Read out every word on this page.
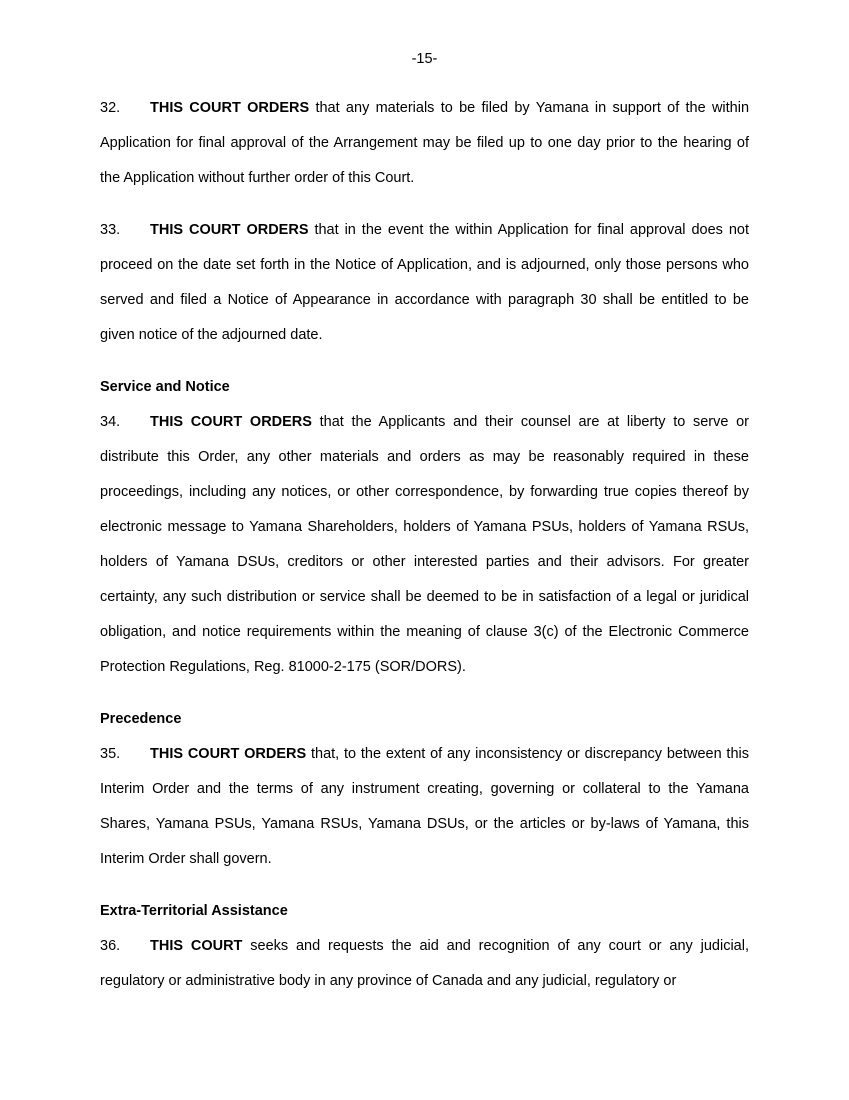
-15-

32. THIS COURT ORDERS that any materials to be filed by Yamana in support of the within Application for final approval of the Arrangement may be filed up to one day prior to the hearing of the Application without further order of this Court.

33. THIS COURT ORDERS that in the event the within Application for final approval does not proceed on the date set forth in the Notice of Application, and is adjourned, only those persons who served and filed a Notice of Appearance in accordance with paragraph 30 shall be entitled to be given notice of the adjourned date.

Service and Notice

34. THIS COURT ORDERS that the Applicants and their counsel are at liberty to serve or distribute this Order, any other materials and orders as may be reasonably required in these proceedings, including any notices, or other correspondence, by forwarding true copies thereof by electronic message to Yamana Shareholders, holders of Yamana PSUs, holders of Yamana RSUs, holders of Yamana DSUs, creditors or other interested parties and their advisors. For greater certainty, any such distribution or service shall be deemed to be in satisfaction of a legal or juridical obligation, and notice requirements within the meaning of clause 3(c) of the Electronic Commerce Protection Regulations, Reg. 81000-2-175 (SOR/DORS).

Precedence

35. THIS COURT ORDERS that, to the extent of any inconsistency or discrepancy between this Interim Order and the terms of any instrument creating, governing or collateral to the Yamana Shares, Yamana PSUs, Yamana RSUs, Yamana DSUs, or the articles or by-laws of Yamana, this Interim Order shall govern.

Extra-Territorial Assistance

36. THIS COURT seeks and requests the aid and recognition of any court or any judicial, regulatory or administrative body in any province of Canada and any judicial, regulatory or
